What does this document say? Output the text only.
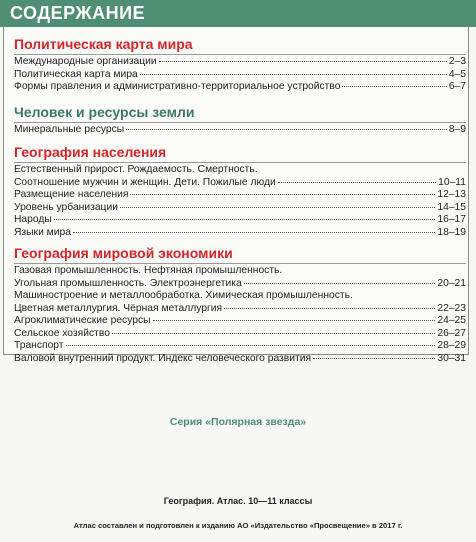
СОДЕРЖАНИЕ
Политическая карта мира
Международные организации	2–3
Политическая карта мира	4–5
Формы правления и административно-территориальное устройство	6–7
Человек и ресурсы земли
Минеральные ресурсы	8–9
География населения
Естественный прирост. Рождаемость. Смертность.
Соотношение мужчин и женщин. Дети. Пожилые люди	10–11
Размещение населения	12–13
Уровень урбанизации	14–15
Народы	16–17
Языки мира	18–19
География мировой экономики
Газовая промышленность. Нефтяная промышленность.
Угольная промышленность. Электроэнергетика	20–21
Машиностроение и металлообработка. Химическая промышленность.
Цветная металлургия. Чёрная металлургия	22–23
Агроклиматические ресурсы	24–25
Сельское хозяйство	26–27
Транспорт	28–29
Валовой внутренний продукт. Индекс человеческого развития	30–31
Серия «Полярная звезда»
География. Атлас. 10—11 классы
Атлас составлен и подготовлен к изданию АО «Издательство «Просвещение» в 2017 г.
